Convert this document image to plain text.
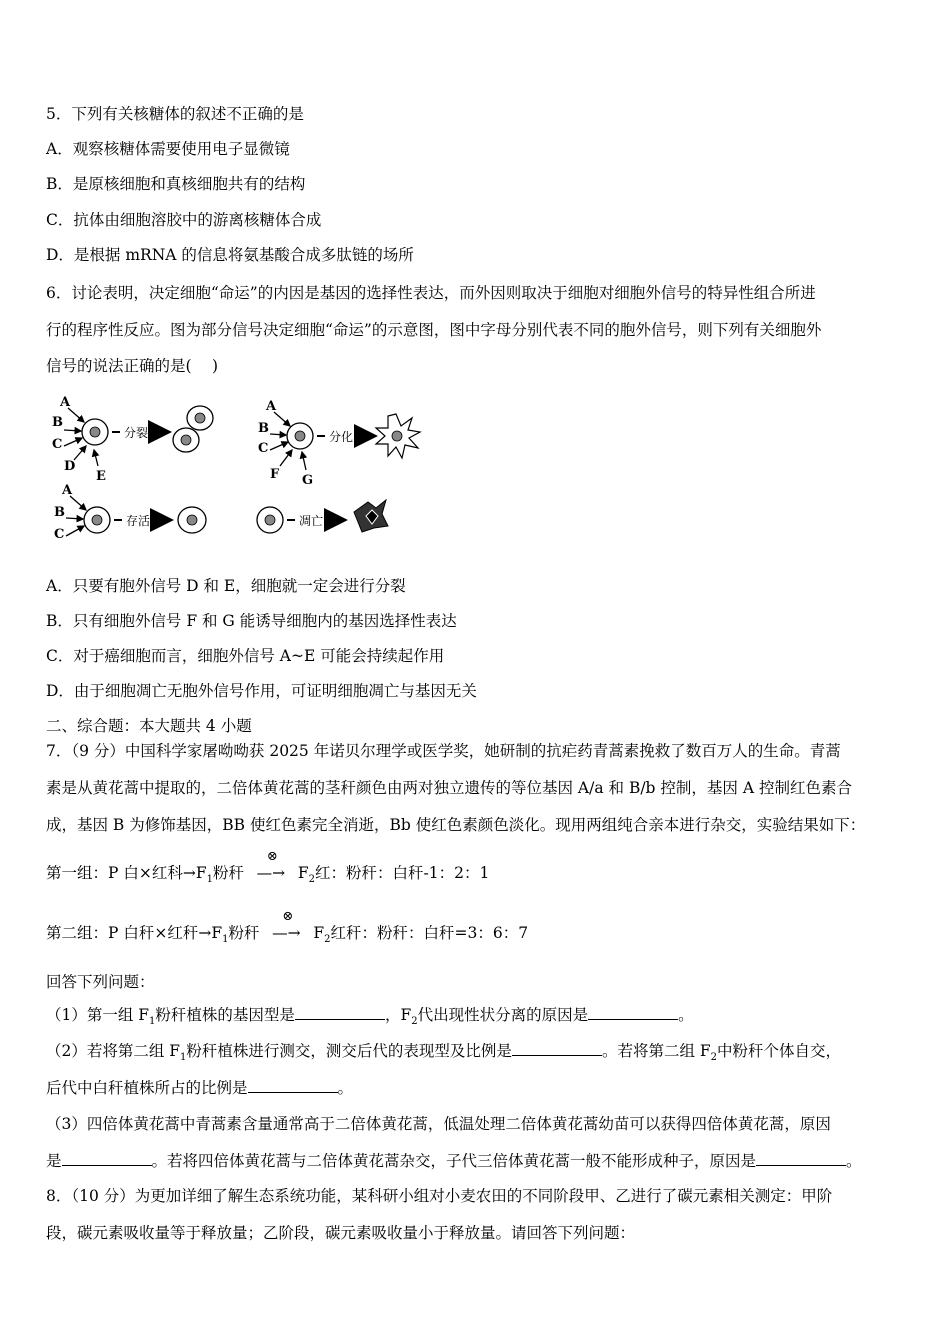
5．下列有关核糖体的叙述不正确的是
A．观察核糖体需要使用电子显微镜
B．是原核细胞和真核细胞共有的结构
C．抗体由细胞溶胶中的游离核糖体合成
D．是根据 mRNA 的信息将氨基酸合成多肽链的场所
6．讨论表明，决定细胞“命运”的内因是基因的选择性表达，而外因则取决于细胞对细胞外信号的特异性组合所进
行的程序性反应。图为部分信号决定细胞“命运”的示意图，图中字母分别代表不同的胞外信号，则下列有关细胞外
信号的说法正确的是(　 )
A
B
C
D
E
分裂
A
B
C
F G
分化
A
B
C
存活	凋亡
A．只要有胞外信号 D 和 E，细胞就一定会进行分裂
B．只有细胞外信号 F 和 G 能诱导细胞内的基因选择性表达
C．对于癌细胞而言，细胞外信号 A~E 可能会持续起作用
D．由于细胞凋亡无胞外信号作用，可证明细胞凋亡与基因无关
二、综合题：本大题共 4 小题
7．（9 分）中国科学家屠呦呦获 2025 年诺贝尔理学或医学奖，她研制的抗疟药青蒿素挽救了数百万人的生命。青蒿
素是从黄花蒿中提取的，二倍体黄花蒿的茎秆颜色由两对独立遗传的等位基因 A/a 和 B/b 控制，基因 A 控制红色素合
成，基因 B 为修饰基因，BB 使红色素完全消逝，Bb 使红色素颜色淡化。现用两组纯合亲本进行杂交，实验结果如下：
第一组：P 白×红科$\to F_1$粉秆
⊗
—→ $F_2$红：粉秆：白秆-1：2：1
第二组：P 白秆×红秆$\to F_1$粉秆
⊗
—→ $F_2$红秆：粉秆：白秆=3：6：7
回答下列问题：
（1）第一组 $F_1$粉秆植株的基因型是	，$F_2$代出现性状分离的原因是	。
（2）若将第二组 $F_1$粉秆植株进行测交，测交后代的表现型及比例是	。若将第二组 $F_2$中粉秆个体自交，
后代中白秆植株所占的比例是	。
（3）四倍体黄花蒿中青蒿素含量通常高于二倍体黄花蒿，低温处理二倍体黄花蒿幼苗可以获得四倍体黄花蒿，原因
是	。若将四倍体黄花蒿与二倍体黄花蒿杂交，子代三倍体黄花蒿一般不能形成种子，原因是	。
8．（10 分）为更加详细了解生态系统功能，某科研小组对小麦农田的不同阶段甲、乙进行了碳元素相关测定：甲阶
段，碳元素吸收量等于释放量；乙阶段，碳元素吸收量小于释放量。请回答下列问题：
